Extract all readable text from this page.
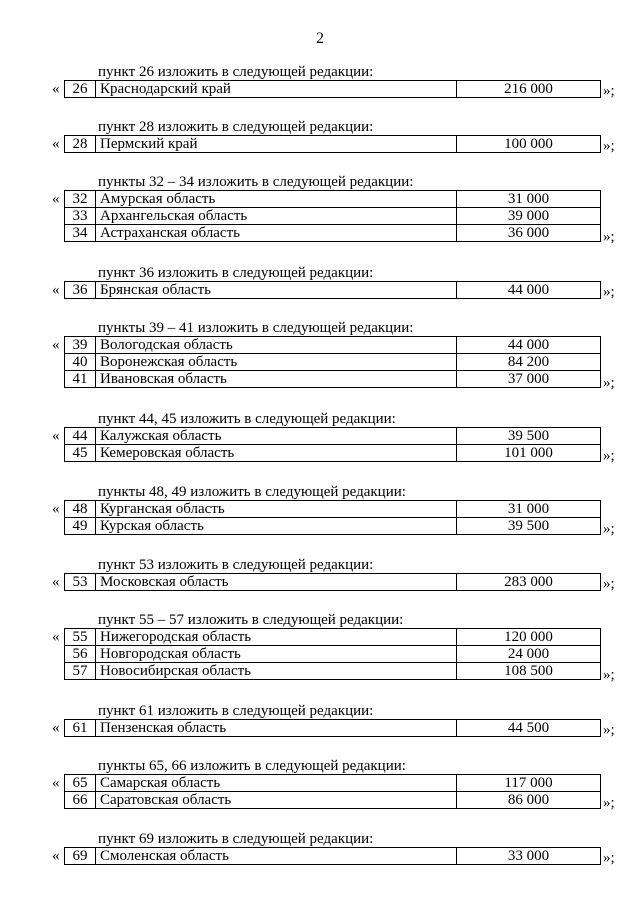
2
пункт 26 изложить в следующей редакции:
« 26	Краснодарский край	216 000	»;
пункт 28 изложить в следующей редакции:
« 28	Пермский край	100 000	»;
пункты 32 – 34 изложить в следующей редакции:
« 32	Амурская область	31 000
33	Архангельская область	39 000
34	Астраханская область	36 000	»;
пункт 36 изложить в следующей редакции:
« 36	Брянская область	44 000	»;
пункты 39 – 41 изложить в следующей редакции:
« 39	Вологодская область	44 000
40	Воронежская область	84 200
41	Ивановская область	37 000	»;
пункт 44, 45 изложить в следующей редакции:
« 44	Калужская область	39 500
45	Кемеровская область	101 000	»;
пункты 48, 49 изложить в следующей редакции:
« 48	Курганская область	31 000
49	Курская область	39 500	»;
пункт 53 изложить в следующей редакции:
« 53	Московская область	283 000	»;
пункт 55 – 57 изложить в следующей редакции:
« 55	Нижегородская область	120 000
56	Новгородская область	24 000
57	Новосибирская область	108 500	»;
пункт 61 изложить в следующей редакции:
« 61	Пензенская область	44 500	»;
пункты 65, 66 изложить в следующей редакции:
« 65	Самарская область	117 000
66	Саратовская область	86 000	»;
пункт 69 изложить в следующей редакции:
« 69	Смоленская область	33 000	»;
